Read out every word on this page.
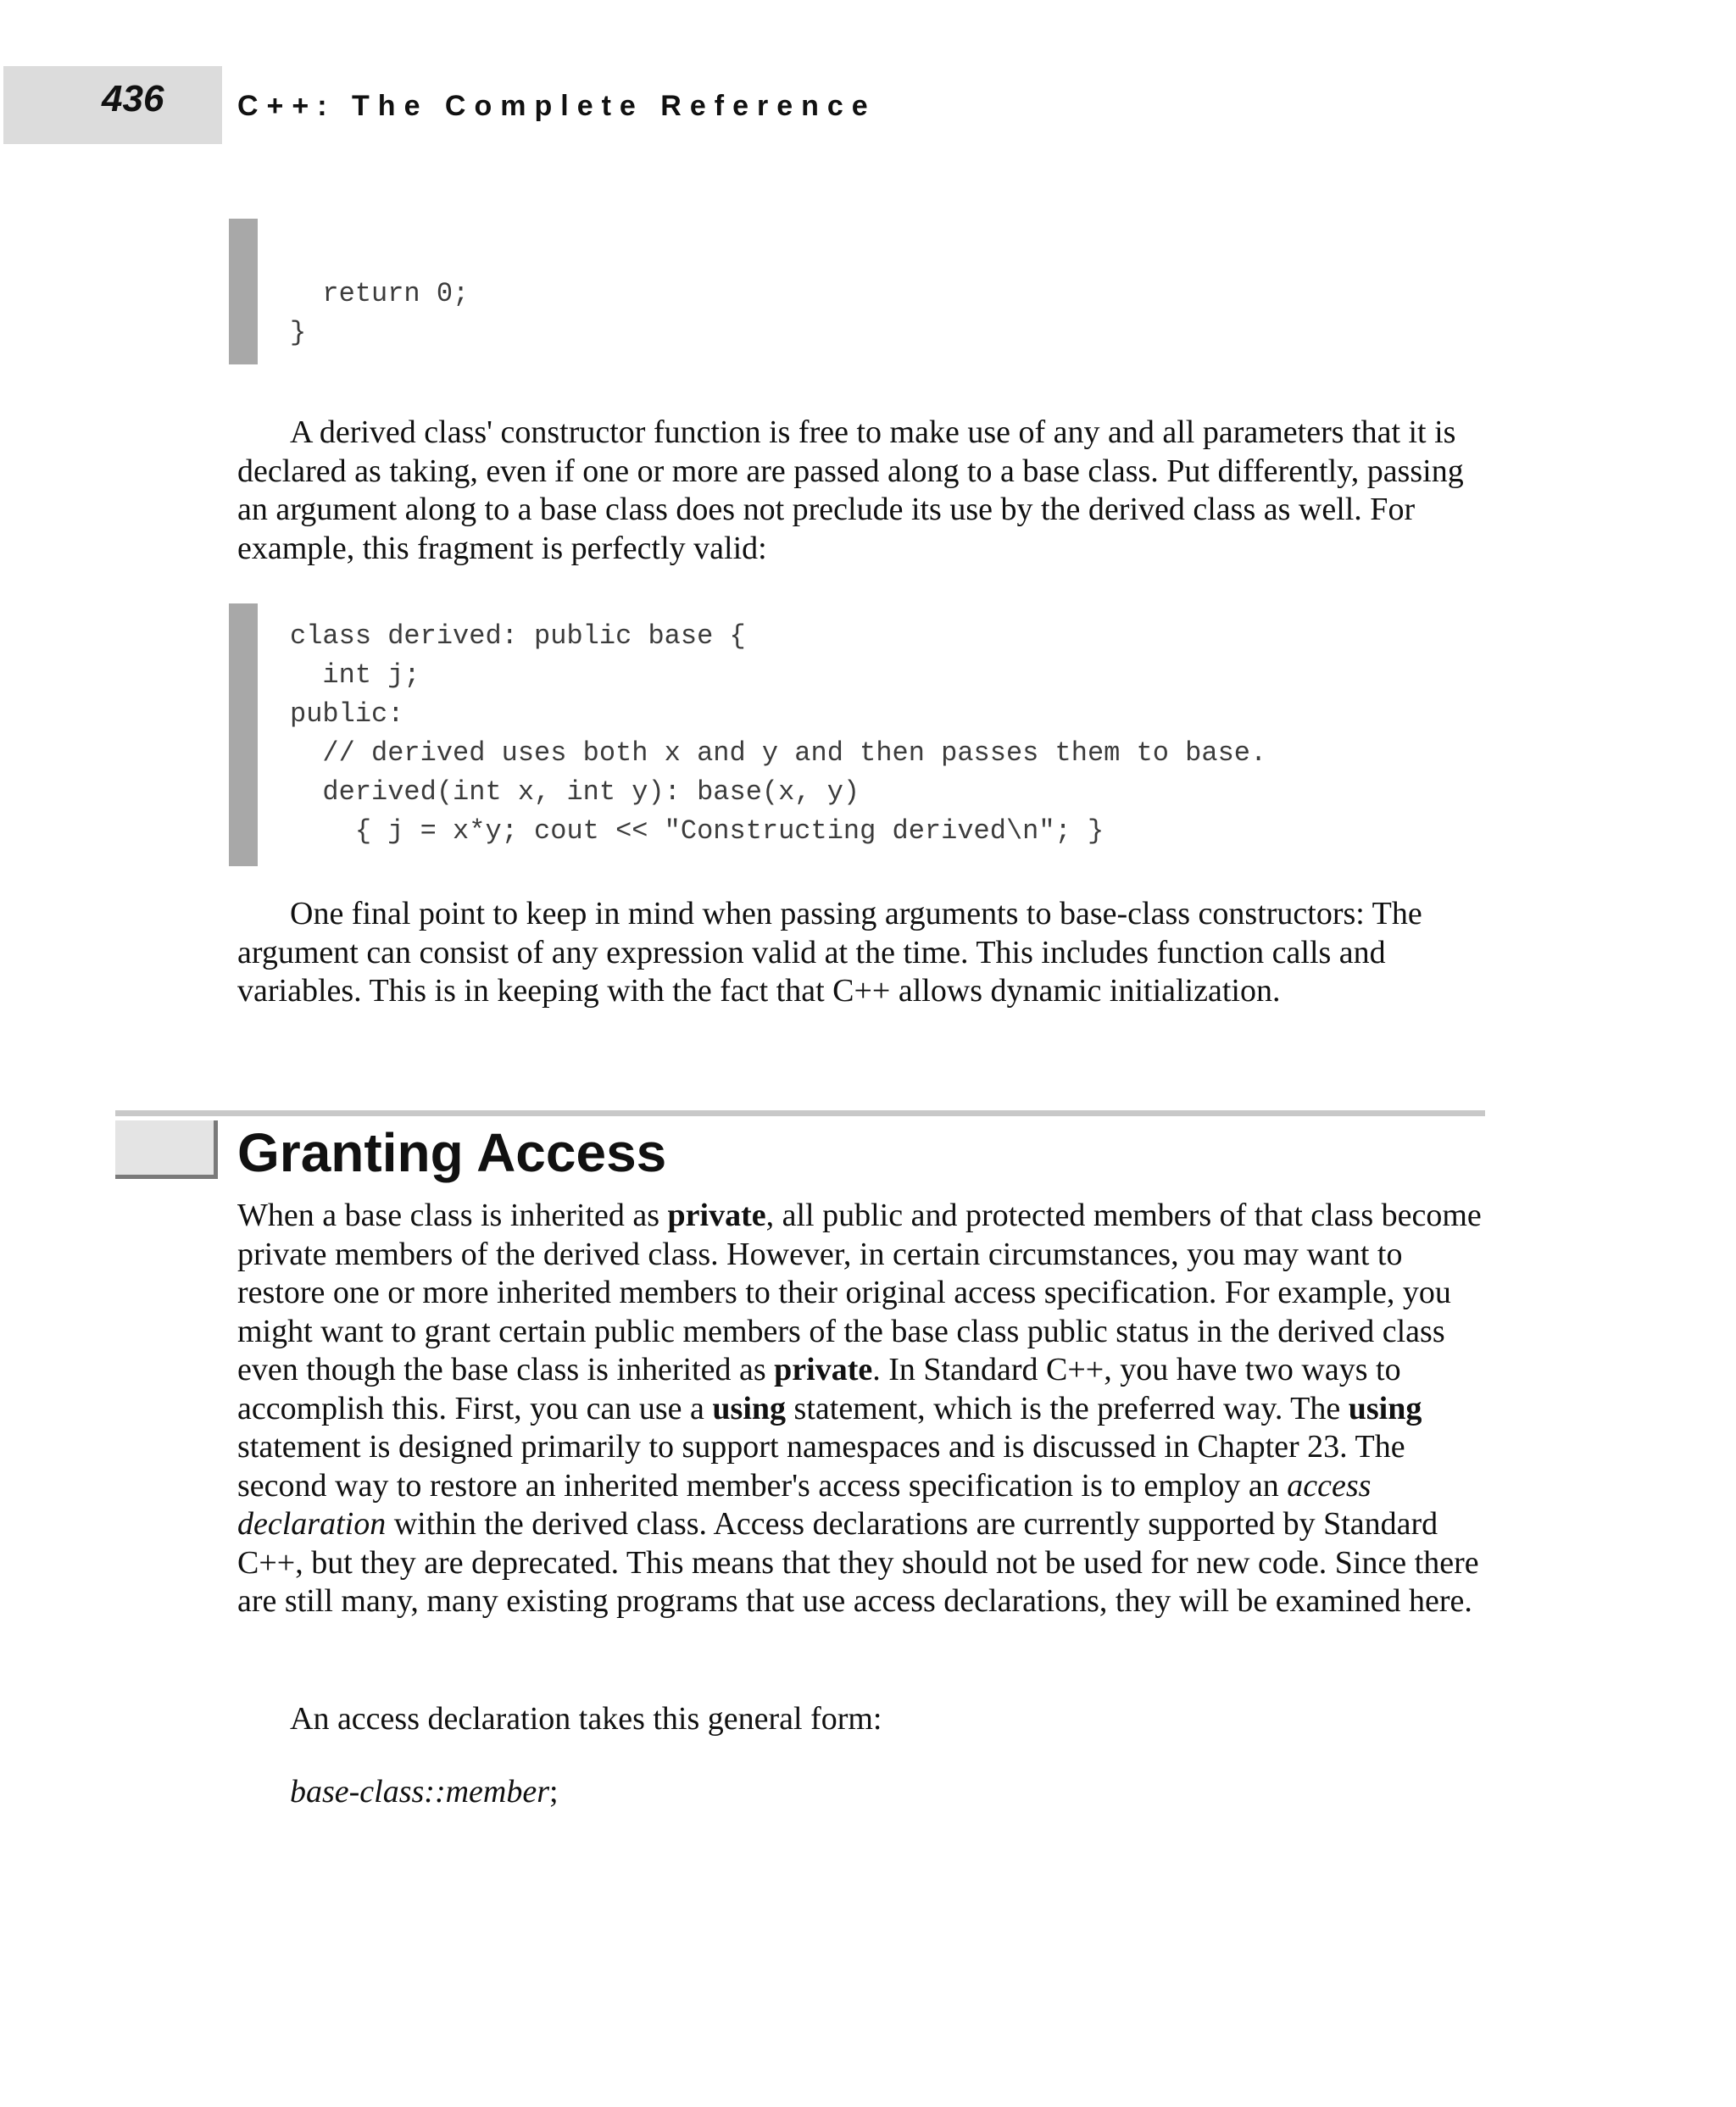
436	C++: The Complete Reference
return 0;
}

A derived class' constructor function is free to make use of any and all parameters that it is declared as taking, even if one or more are passed along to a base class. Put differently, passing an argument along to a base class does not preclude its use by the derived class as well. For example, this fragment is perfectly valid:

class derived: public base {
int j;
public:
// derived uses both x and y and then passes them to base.
derived(int x, int y): base(x, y)
{ j = x*y; cout << "Constructing derived\n"; }

One final point to keep in mind when passing arguments to base-class constructors: The argument can consist of any expression valid at the time. This includes function calls and variables. This is in keeping with the fact that C++ allows dynamic initialization.

Granting Access

When a base class is inherited as private, all public and protected members of that class become private members of the derived class. However, in certain circumstances, you may want to restore one or more inherited members to their original access specification. For example, you might want to grant certain public members of the base class public status in the derived class even though the base class is inherited as private. In Standard C++, you have two ways to accomplish this. First, you can use a using statement, which is the preferred way. The using statement is designed primarily to support namespaces and is discussed in Chapter 23. The second way to restore an inherited member's access specification is to employ an access declaration within the derived class. Access declarations are currently supported by Standard C++, but they are deprecated. This means that they should not be used for new code. Since there are still many, many existing programs that use access declarations, they will be examined here.

An access declaration takes this general form:

base-class::member;
